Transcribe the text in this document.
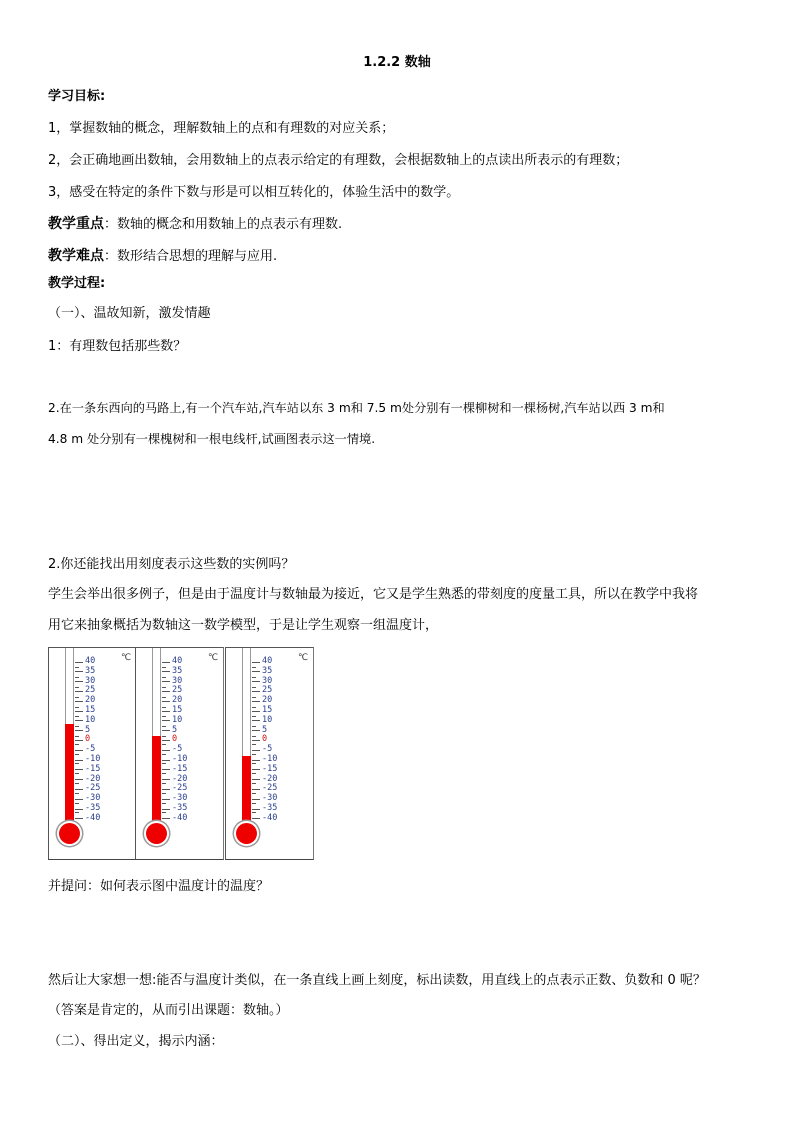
1.2.2 数轴

学习目标:

1，掌握数轴的概念，理解数轴上的点和有理数的对应关系；

2，会正确地画出数轴，会用数轴上的点表示给定的有理数，会根据数轴上的点读出所表示的有理数；

3，感受在特定的条件下数与形是可以相互转化的，体验生活中的数学。

教学重点：数轴的概念和用数轴上的点表示有理数.

教学难点：数形结合思想的理解与应用.

教学过程:

（一）、温故知新，激发情趣

1：有理数包括那些数？

2.在一条东西向的马路上,有一个汽车站,汽车站以东 3 m和 7.5 m处分别有一棵柳树和一棵杨树,汽车站以西 3 m和

4.8 m 处分别有一棵槐树和一根电线杆,试画图表示这一情境.

2.你还能找出用刻度表示这些数的实例吗？

学生会举出很多例子，但是由于温度计与数轴最为接近，它又是学生熟悉的带刻度的度量工具，所以在教学中我将

用它来抽象概括为数轴这一数学模型，于是让学生观察一组温度计，

40
35
30
25
20
15
10
5
0
-5
-10
-15
-20
-25
-30
-35
-40
℃	40
35
30
25
20
15
10
5
0
-5
-10
-15
-20
-25
-30
-35
-40
℃	40
35
30
25
20
15
10
5
0
-5
-10
-15
-20
-25
-30
-35
-40
℃

并提问：如何表示图中温度计的温度？

然后让大家想一想:能否与温度计类似，在一条直线上画上刻度，标出读数，用直线上的点表示正数、负数和 0 呢？

（答案是肯定的，从而引出课题：数轴。）

（二）、得出定义，揭示内涵：
